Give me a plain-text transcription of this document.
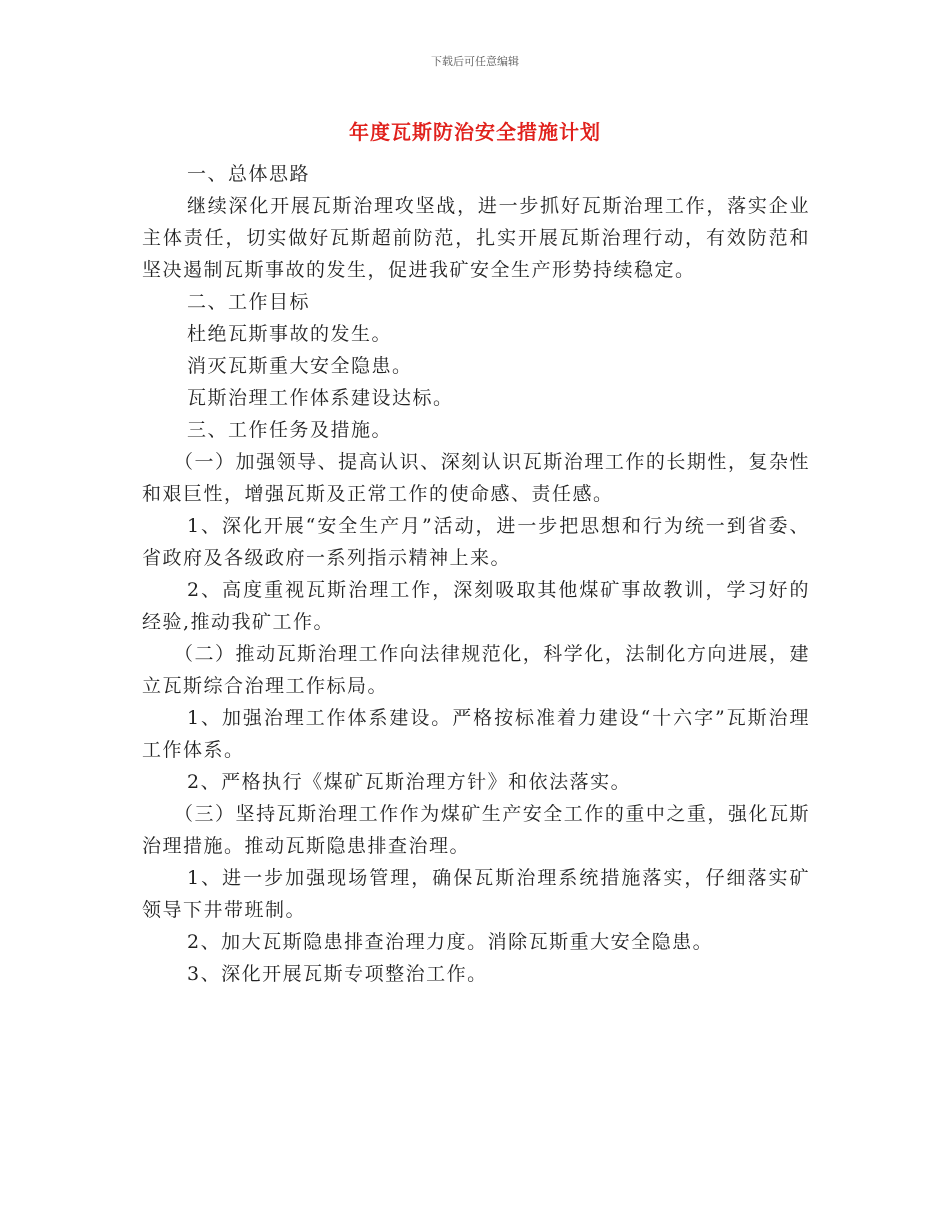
下载后可任意编辑
年度瓦斯防治安全措施计划

一、总体思路

继续深化开展瓦斯治理攻坚战，进一步抓好瓦斯治理工作，落实企业主体责任，切实做好瓦斯超前防范，扎实开展瓦斯治理行动，有效防范和坚决遏制瓦斯事故的发生，促进我矿安全生产形势持续稳定。

二、工作目标

杜绝瓦斯事故的发生。

消灭瓦斯重大安全隐患。

瓦斯治理工作体系建设达标。

三、工作任务及措施。

（一）加强领导、提高认识、深刻认识瓦斯治理工作的长期性，复杂性和艰巨性，增强瓦斯及正常工作的使命感、责任感。

1、深化开展“安全生产月”活动，进一步把思想和行为统一到省委、省政府及各级政府一系列指示精神上来。

2、高度重视瓦斯治理工作，深刻吸取其他煤矿事故教训，学习好的经验,推动我矿工作。

（二）推动瓦斯治理工作向法律规范化，科学化，法制化方向进展，建立瓦斯综合治理工作标局。

1、加强治理工作体系建设。严格按标准着力建设“十六字”瓦斯治理工作体系。

2、严格执行《煤矿瓦斯治理方针》和依法落实。

（三）坚持瓦斯治理工作作为煤矿生产安全工作的重中之重，强化瓦斯治理措施。推动瓦斯隐患排查治理。

1、进一步加强现场管理，确保瓦斯治理系统措施落实，仔细落实矿领导下井带班制。

2、加大瓦斯隐患排查治理力度。消除瓦斯重大安全隐患。

3、深化开展瓦斯专项整治工作。
